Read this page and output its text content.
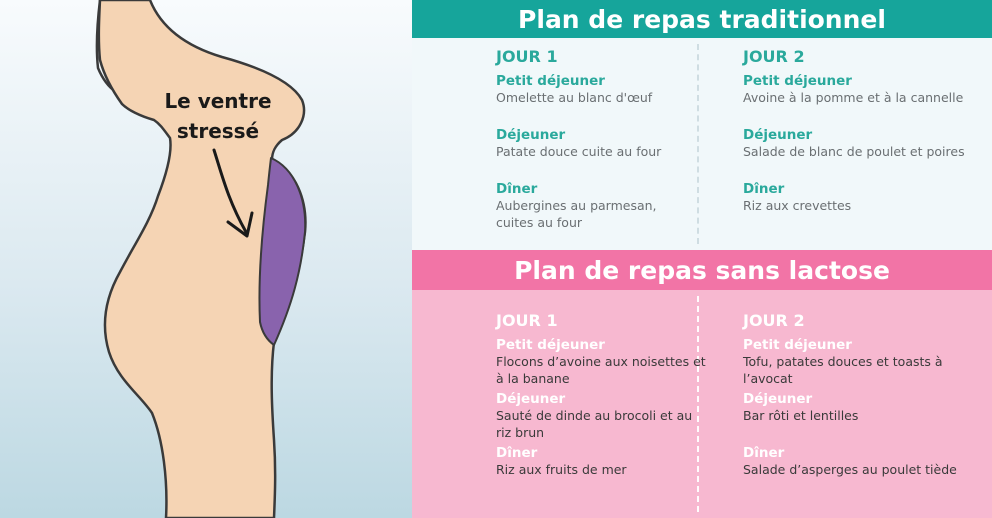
Le ventre
stressé
Plan de repas traditionnel
JOUR 1
Petit déjeuner
Omelette au blanc d'œuf
Déjeuner
Patate douce cuite au four
Dîner
Aubergines au parmesan, cuites au four
JOUR 2
Petit déjeuner
Avoine à la pomme et à la cannelle
Déjeuner
Salade de blanc de poulet et poires
Dîner
Riz aux crevettes
Plan de repas sans lactose
JOUR 1
Petit déjeuner
Flocons d’avoine aux noisettes et à la banane
Déjeuner
Sauté de dinde au brocoli et au riz brun
Dîner
Riz aux fruits de mer
JOUR 2
Petit déjeuner
Tofu, patates douces et toasts à l’avocat
Déjeuner
Bar rôti et lentilles
Dîner
Salade d’asperges au poulet tiède
